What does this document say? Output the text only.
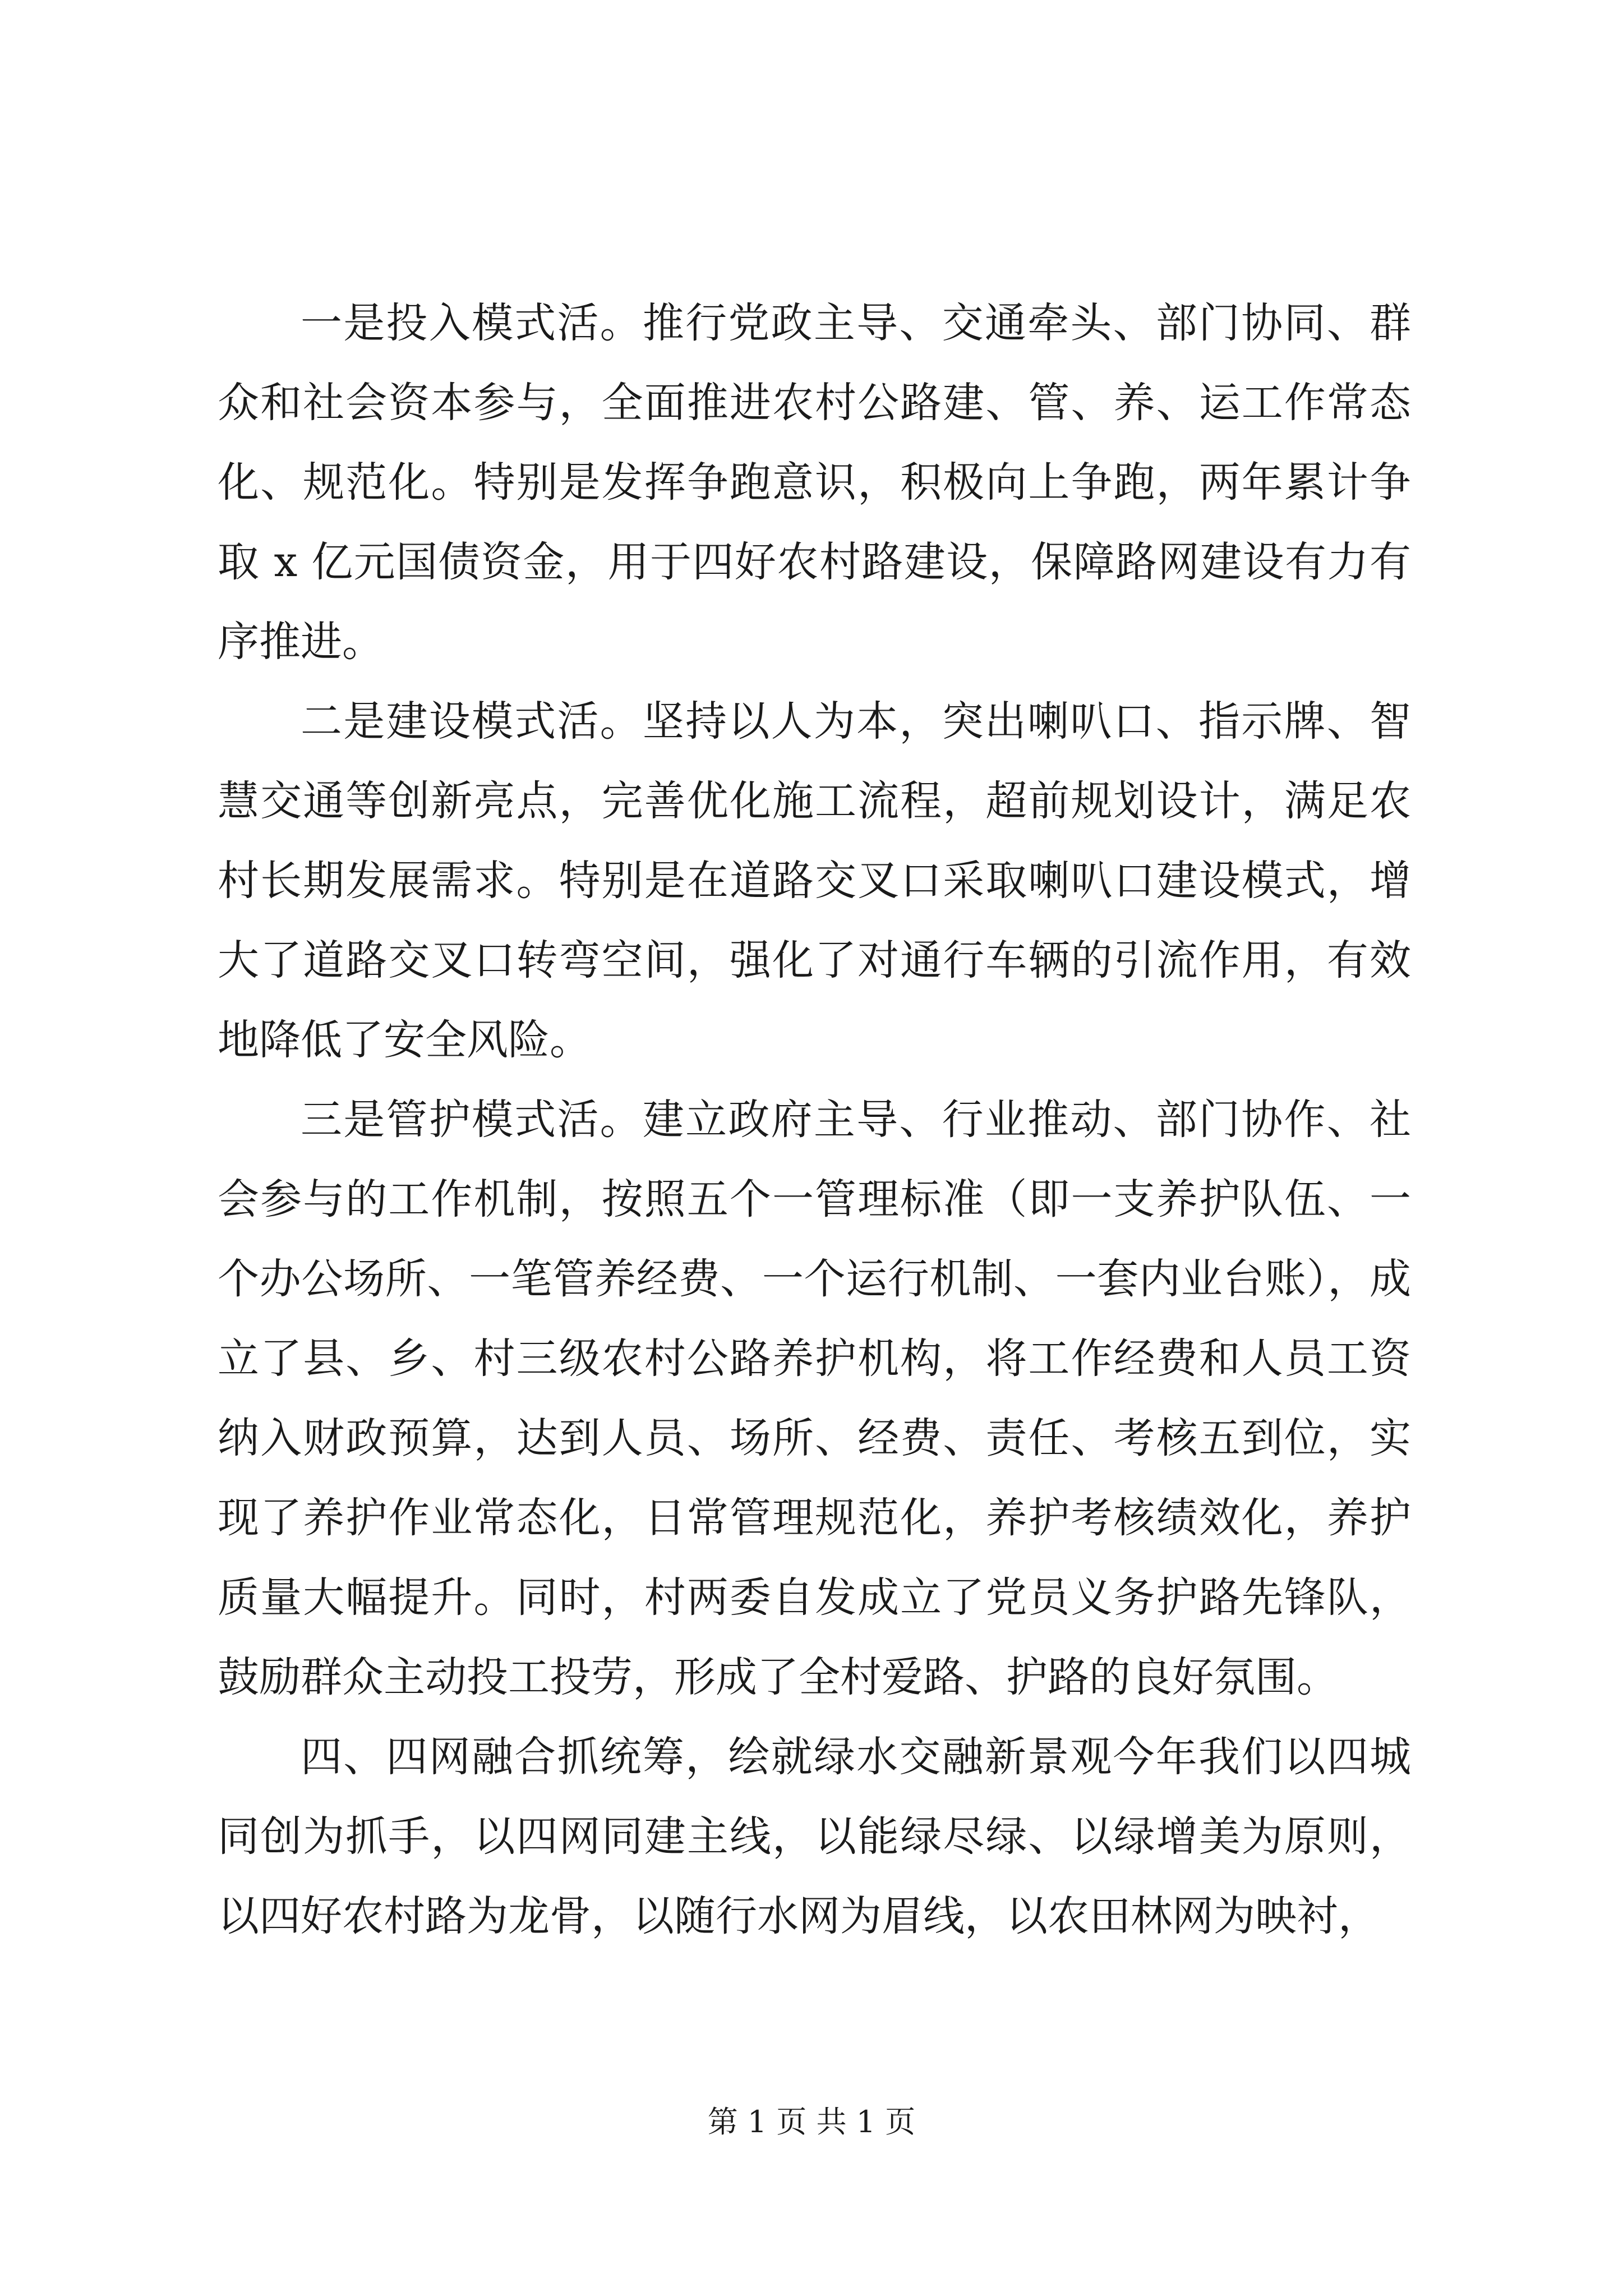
一是投入模式活。推行党政主导、交通牵头、部门协同、群众和社会资本参与，全面推进农村公路建、管、养、运工作常态化、规范化。特别是发挥争跑意识，积极向上争跑，两年累计争取 x 亿元国债资金，用于四好农村路建设，保障路网建设有力有序推进。

二是建设模式活。坚持以人为本，突出喇叭口、指示牌、智慧交通等创新亮点，完善优化施工流程，超前规划设计，满足农村长期发展需求。特别是在道路交叉口采取喇叭口建设模式，增大了道路交叉口转弯空间，强化了对通行车辆的引流作用，有效地降低了安全风险。

三是管护模式活。建立政府主导、行业推动、部门协作、社会参与的工作机制，按照五个一管理标准（即一支养护队伍、一个办公场所、一笔管养经费、一个运行机制、一套内业台账），成立了县、乡、村三级农村公路养护机构，将工作经费和人员工资纳入财政预算，达到人员、场所、经费、责任、考核五到位，实现了养护作业常态化，日常管理规范化，养护考核绩效化，养护质量大幅提升。同时，村两委自发成立了党员义务护路先锋队，鼓励群众主动投工投劳，形成了全村爱路、护路的良好氛围。

四、四网融合抓统筹，绘就绿水交融新景观今年我们以四城同创为抓手，以四网同建主线，以能绿尽绿、以绿增美为原则，以四好农村路为龙骨，以随行水网为眉线，以农田林网为映衬，

第 1 页 共 1 页
